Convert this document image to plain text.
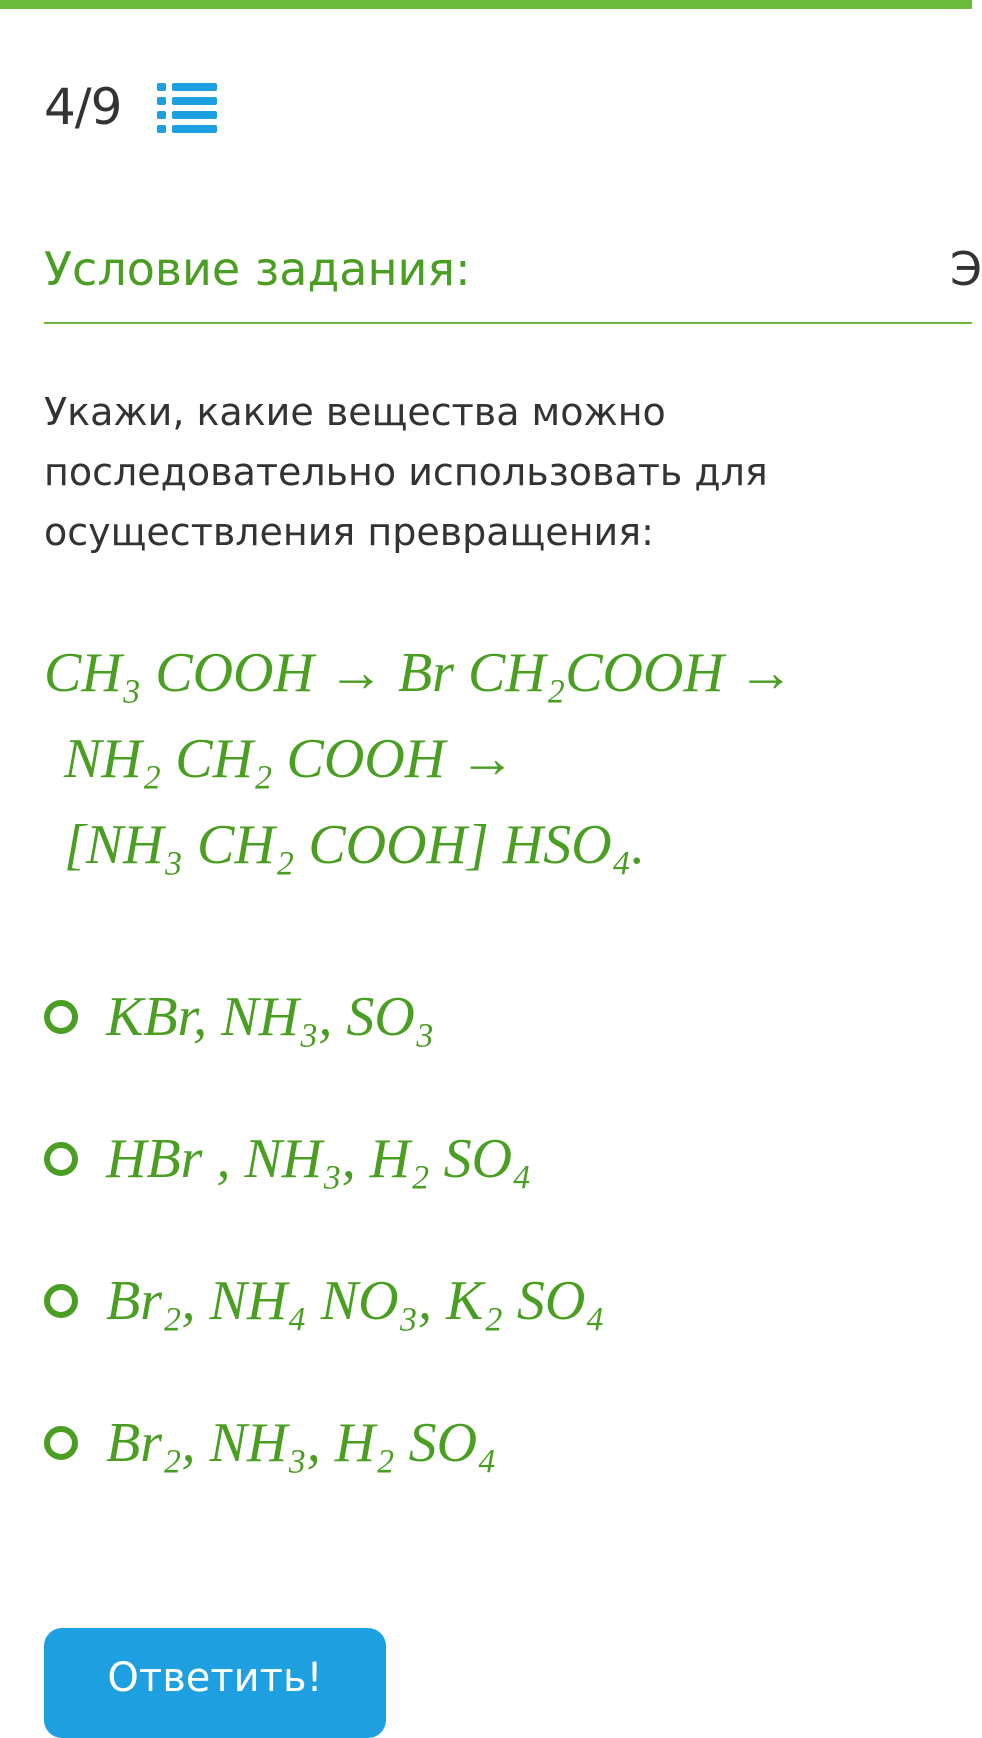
4/9
Условие задания:	Э
Укажи, какие вещества можно последовательно использовать для осуществления превращения:
CH₃ COOH → Br CH₂COOH →
NH₂ CH₂ COOH →
[NH₃ CH₂ COOH] HSO₄.
KBr, NH₃, SO₃
HBr , NH₃, H₂ SO₄
Br₂, NH₄ NO₃, K₂ SO₄
Br₂, NH₃, H₂ SO₄
Ответить!
